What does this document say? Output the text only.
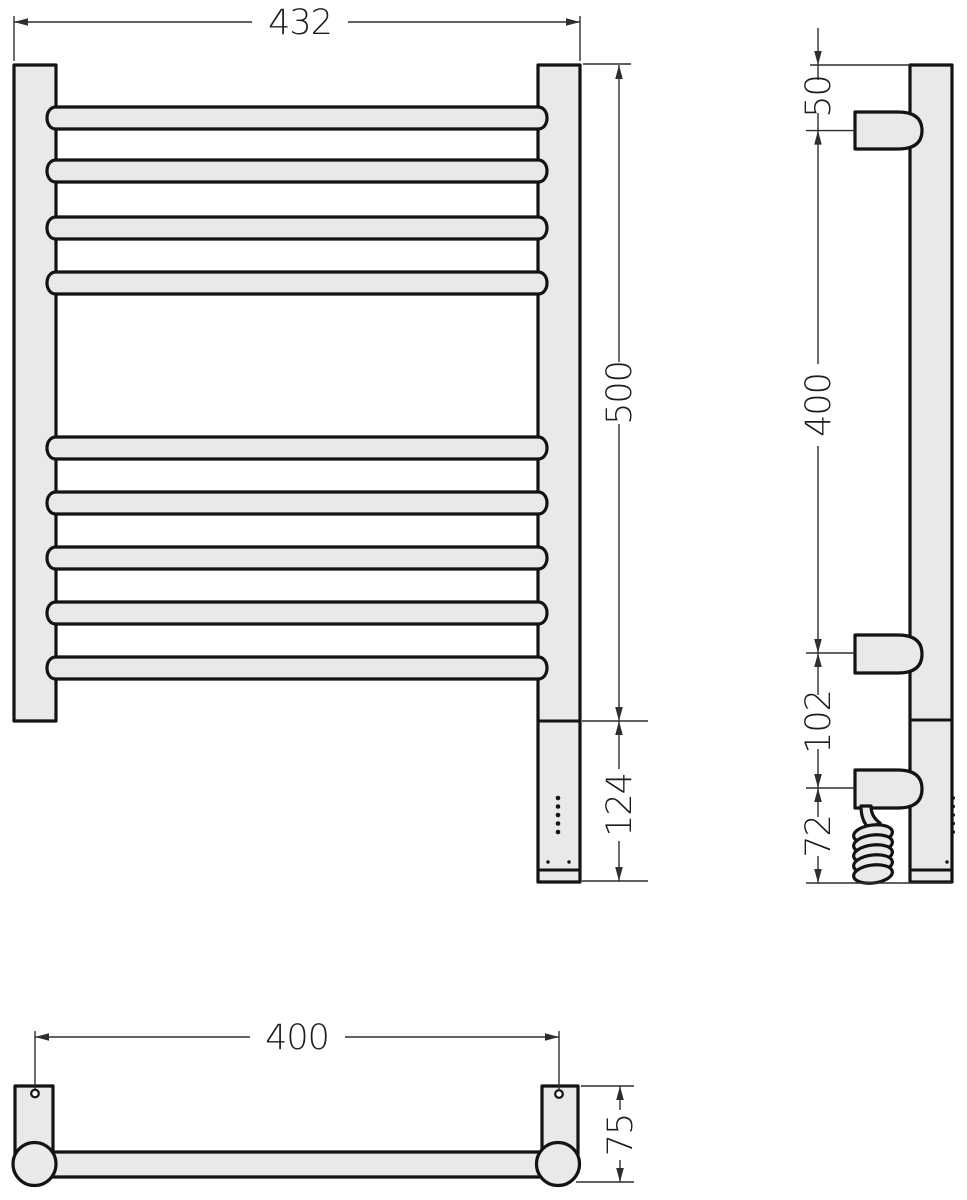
432
500
124
50
400
102
72
400
75
